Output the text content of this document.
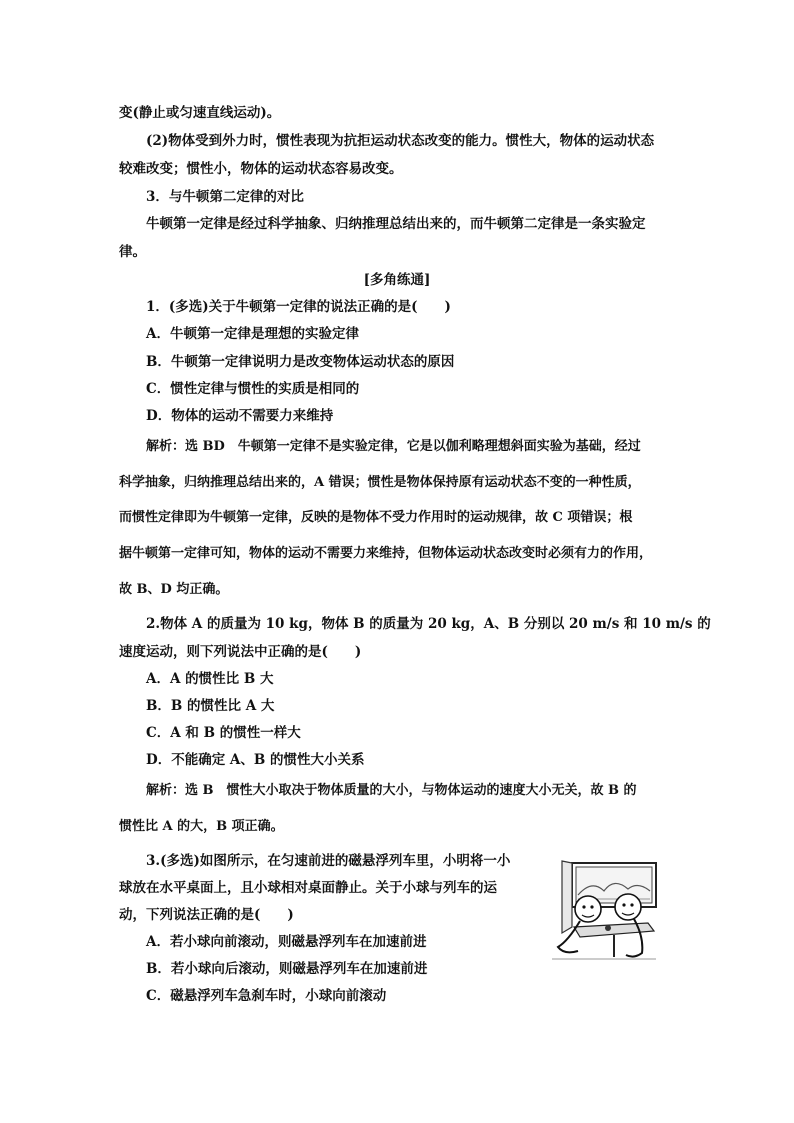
变(静止或匀速直线运动)。
(2)物体受到外力时，惯性表现为抗拒运动状态改变的能力。惯性大，物体的运动状态
较难改变；惯性小，物体的运动状态容易改变。
3．与牛顿第二定律的对比
牛顿第一定律是经过科学抽象、归纳推理总结出来的，而牛顿第二定律是一条实验定
律。
[多角练通]
1．(多选)关于牛顿第一定律的说法正确的是(　　)
A．牛顿第一定律是理想的实验定律
B．牛顿第一定律说明力是改变物体运动状态的原因
C．惯性定律与惯性的实质是相同的
D．物体的运动不需要力来维持
解析：选 BD　牛顿第一定律不是实验定律，它是以伽利略理想斜面实验为基础，经过
科学抽象，归纳推理总结出来的，A 错误；惯性是物体保持原有运动状态不变的一种性质，
而惯性定律即为牛顿第一定律，反映的是物体不受力作用时的运动规律，故 C 项错误；根
据牛顿第一定律可知，物体的运动不需要力来维持，但物体运动状态改变时必须有力的作用，
故 B、D 均正确。
2.物体 A 的质量为 10 kg，物体 B 的质量为 20 kg，A、B 分别以 20 m/s 和 10 m/s 的
速度运动，则下列说法中正确的是(　　)
A．A 的惯性比 B 大
B．B 的惯性比 A 大
C．A 和 B 的惯性一样大
D．不能确定 A、B 的惯性大小关系
解析：选 B　惯性大小取决于物体质量的大小，与物体运动的速度大小无关，故 B 的
惯性比 A 的大，B 项正确。
3.(多选)如图所示，在匀速前进的磁悬浮列车里，小明将一小
球放在水平桌面上，且小球相对桌面静止。关于小球与列车的运
动，下列说法正确的是(　　)
A．若小球向前滚动，则磁悬浮列车在加速前进
B．若小球向后滚动，则磁悬浮列车在加速前进
C．磁悬浮列车急刹车时，小球向前滚动
